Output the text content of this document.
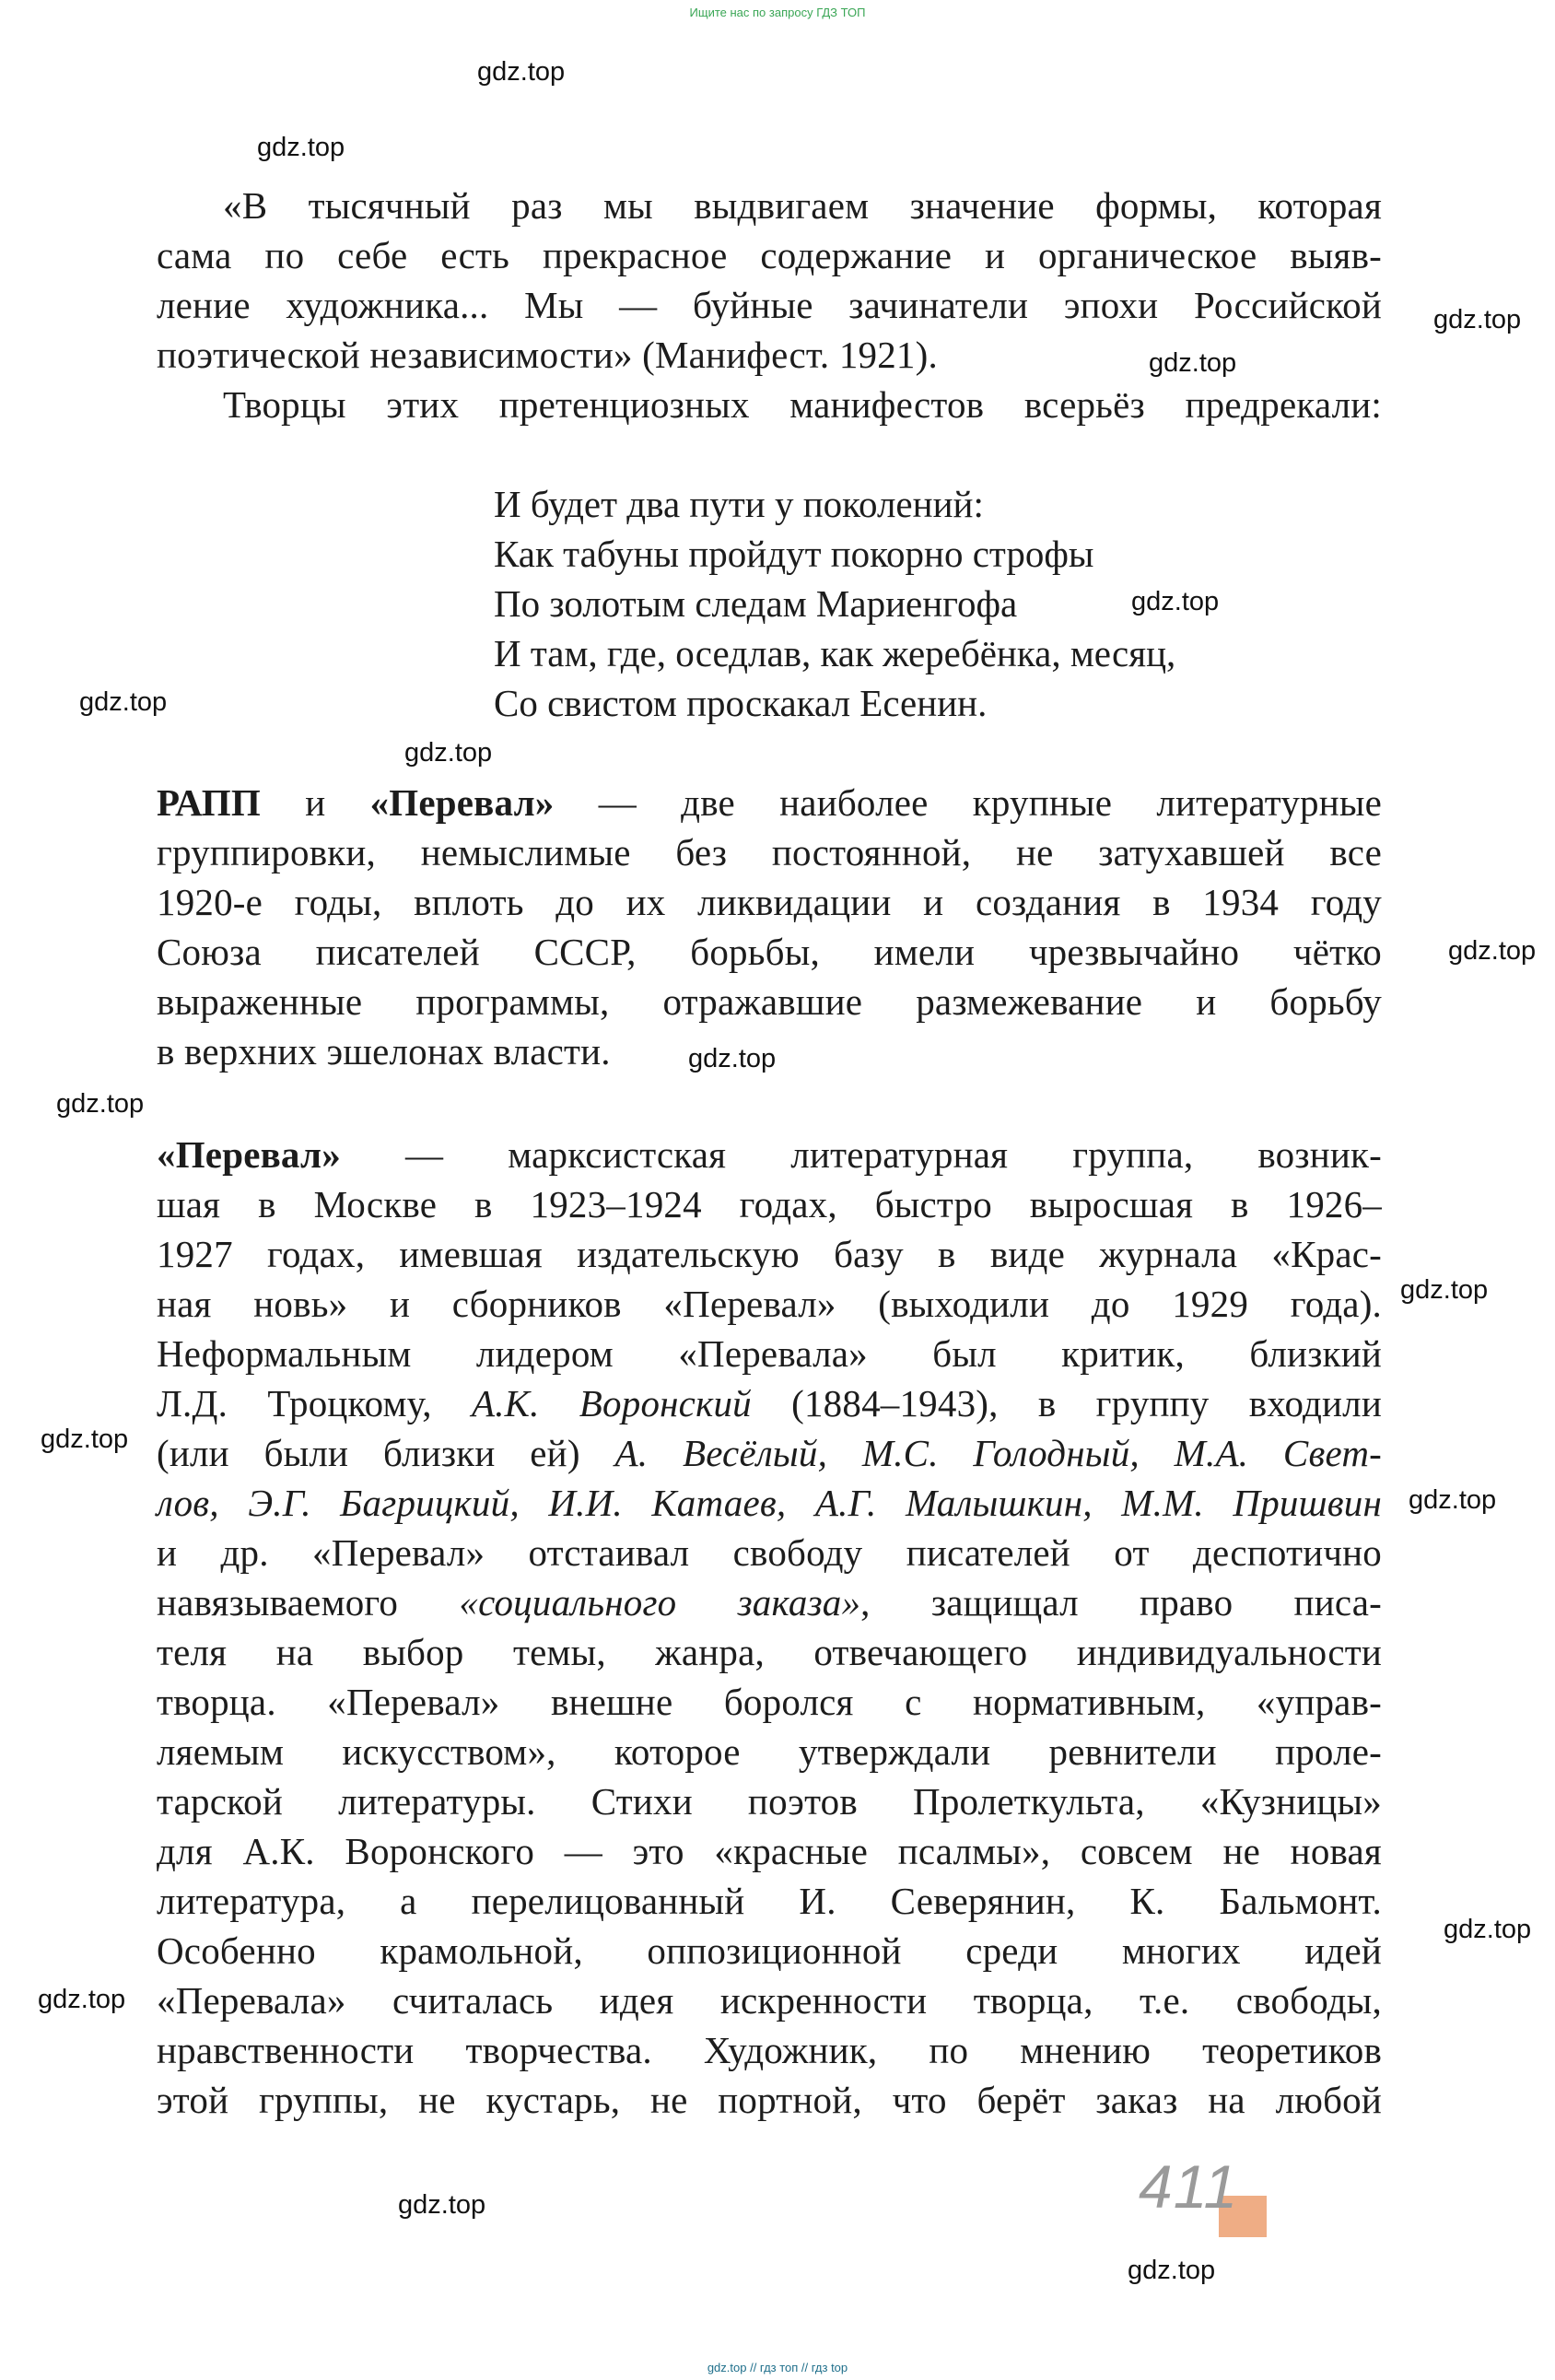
Ищите нас по запросу ГДЗ ТОП
gdz.top // гдз топ // гдз top
gdz.top
gdz.top
gdz.top
gdz.top
gdz.top
gdz.top
gdz.top
gdz.top
gdz.top
gdz.top
gdz.top
gdz.top
gdz.top
gdz.top
gdz.top
gdz.top
gdz.top
«В тысячный раз мы выдвигаем значение формы, которая
сама по себе есть прекрасное содержание и органическое выяв-
ление художника... Мы — буйные зачинатели эпохи Российской
поэтической независимости» (Манифест. 1921).
Творцы этих претенциозных манифестов всерьёз предрекали:
И будет два пути у поколений:
Как табуны пройдут покорно строфы
По золотым следам Мариенгофа
И там, где, оседлав, как жеребёнка, месяц,
Со свистом проскакал Есенин.
РАПП и «Перевал» — две наиболее крупные литературные
группировки, немыслимые без постоянной, не затухавшей все
1920-е годы, вплоть до их ликвидации и создания в 1934 году
Союза писателей СССР, борьбы, имели чрезвычайно чётко
выраженные программы, отражавшие размежевание и борьбу
в верхних эшелонах власти.
«Перевал» — марксистская литературная группа, возник-
шая в Москве в 1923–1924 годах, быстро выросшая в 1926–
1927 годах, имевшая издательскую базу в виде журнала «Крас-
ная новь» и сборников «Перевал» (выходили до 1929 года).
Неформальным лидером «Перевала» был критик, близкий
Л.Д. Троцкому, А.К. Воронский (1884–1943), в группу входили
(или были близки ей) А. Весёлый, М.С. Голодный, М.А. Свет-
лов, Э.Г. Багрицкий, И.И. Катаев, А.Г. Малышкин, М.М. Пришвин
и др. «Перевал» отстаивал свободу писателей от деспотично
навязываемого «социального заказа», защищал право писа-
теля на выбор темы, жанра, отвечающего индивидуальности
творца. «Перевал» внешне боролся с нормативным, «управ-
ляемым искусством», которое утверждали ревнители проле-
тарской литературы. Стихи поэтов Пролеткульта, «Кузницы»
для А.К. Воронского — это «красные псалмы», совсем не новая
литература, а перелицованный И. Северянин, К. Бальмонт.
Особенно крамольной, оппозиционной среди многих идей
«Перевала» считалась идея искренности творца, т.е. свободы,
нравственности творчества. Художник, по мнению теоретиков
этой группы, не кустарь, не портной, что берёт заказ на любой
411
